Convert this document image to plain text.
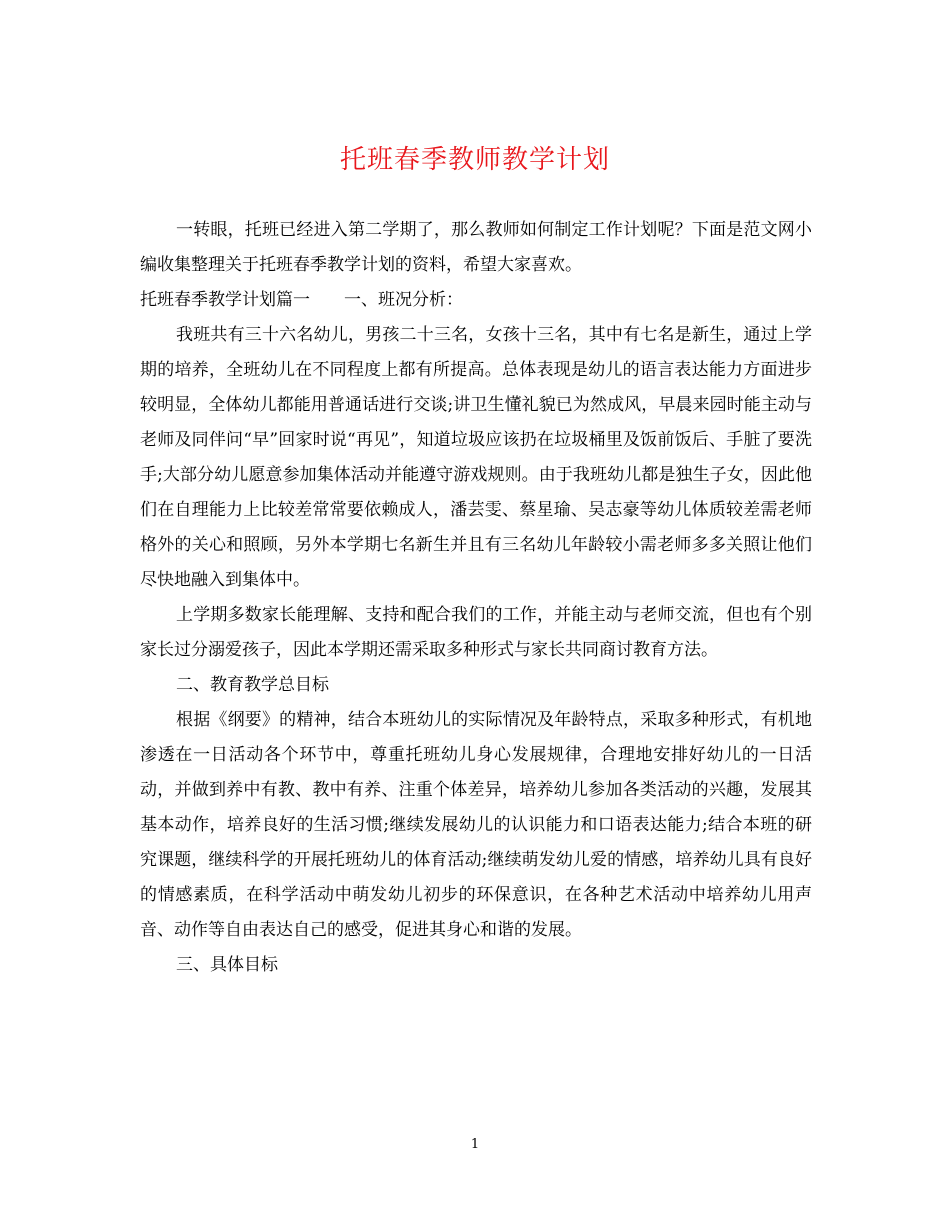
托班春季教师教学计划

一转眼，托班已经进入第二学期了，那么教师如何制定工作计划呢？下面是范文网小编收集整理关于托班春季教学计划的资料，希望大家喜欢。

托班春季教学计划篇一　　一、班况分析：

我班共有三十六名幼儿，男孩二十三名，女孩十三名，其中有七名是新生，通过上学期的培养，全班幼儿在不同程度上都有所提高。总体表现是幼儿的语言表达能力方面进步较明显，全体幼儿都能用普通话进行交谈;讲卫生懂礼貌已为然成风，早晨来园时能主动与老师及同伴问“早”回家时说“再见”，知道垃圾应该扔在垃圾桶里及饭前饭后、手脏了要洗手;大部分幼儿愿意参加集体活动并能遵守游戏规则。由于我班幼儿都是独生子女，因此他们在自理能力上比较差常常要依赖成人，潘芸雯、蔡星瑜、吴志豪等幼儿体质较差需老师格外的关心和照顾，另外本学期七名新生并且有三名幼儿年龄较小需老师多多关照让他们尽快地融入到集体中。

上学期多数家长能理解、支持和配合我们的工作，并能主动与老师交流，但也有个别家长过分溺爱孩子，因此本学期还需采取多种形式与家长共同商讨教育方法。

二、教育教学总目标

根据《纲要》的精神，结合本班幼儿的实际情况及年龄特点，采取多种形式，有机地渗透在一日活动各个环节中，尊重托班幼儿身心发展规律，合理地安排好幼儿的一日活动，并做到养中有教、教中有养、注重个体差异，培养幼儿参加各类活动的兴趣，发展其基本动作，培养良好的生活习惯;继续发展幼儿的认识能力和口语表达能力;结合本班的研究课题，继续科学的开展托班幼儿的体育活动;继续萌发幼儿爱的情感，培养幼儿具有良好的情感素质，在科学活动中萌发幼儿初步的环保意识，在各种艺术活动中培养幼儿用声音、动作等自由表达自己的感受，促进其身心和谐的发展。

三、具体目标

1
